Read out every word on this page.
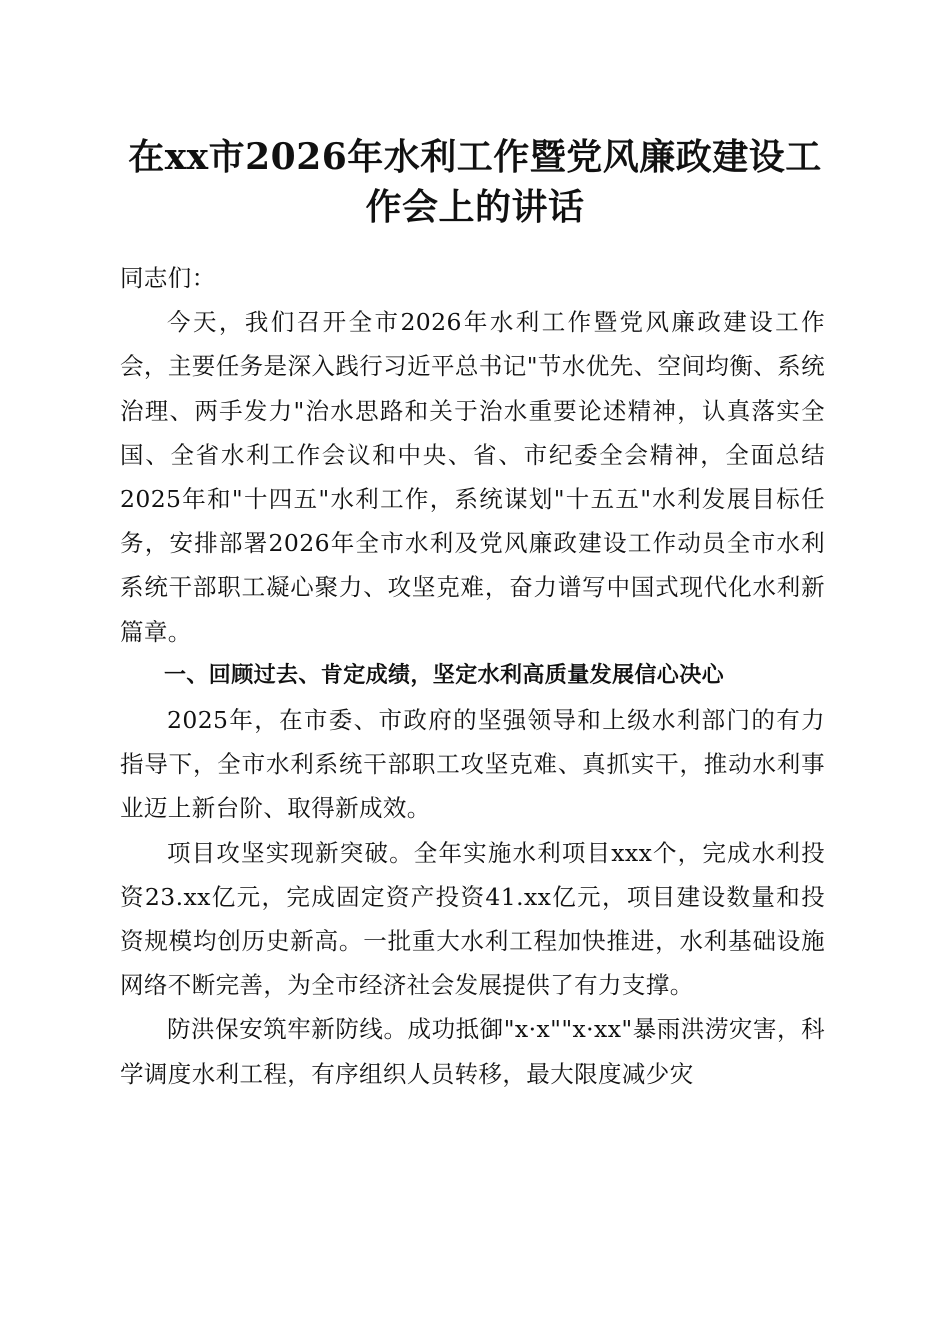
在xx市2026年水利工作暨党风廉政建设工作会上的讲话

同志们：

今天，我们召开全市2026年水利工作暨党风廉政建设工作会，主要任务是深入践行习近平总书记"节水优先、空间均衡、系统治理、两手发力"治水思路和关于治水重要论述精神，认真落实全国、全省水利工作会议和中央、省、市纪委全会精神，全面总结2025年和"十四五"水利工作，系统谋划"十五五"水利发展目标任务，安排部署2026年全市水利及党风廉政建设工作动员全市水利系统干部职工凝心聚力、攻坚克难，奋力谱写中国式现代化水利新篇章。

一、回顾过去、肯定成绩，坚定水利高质量发展信心决心

2025年，在市委、市政府的坚强领导和上级水利部门的有力指导下，全市水利系统干部职工攻坚克难、真抓实干，推动水利事业迈上新台阶、取得新成效。

项目攻坚实现新突破。全年实施水利项目xxx个，完成水利投资23.xx亿元，完成固定资产投资41.xx亿元，项目建设数量和投资规模均创历史新高。一批重大水利工程加快推进，水利基础设施网络不断完善，为全市经济社会发展提供了有力支撑。

防洪保安筑牢新防线。成功抵御"x·x""x·xx"暴雨洪涝灾害，科学调度水利工程，有序组织人员转移，最大限度减少灾
